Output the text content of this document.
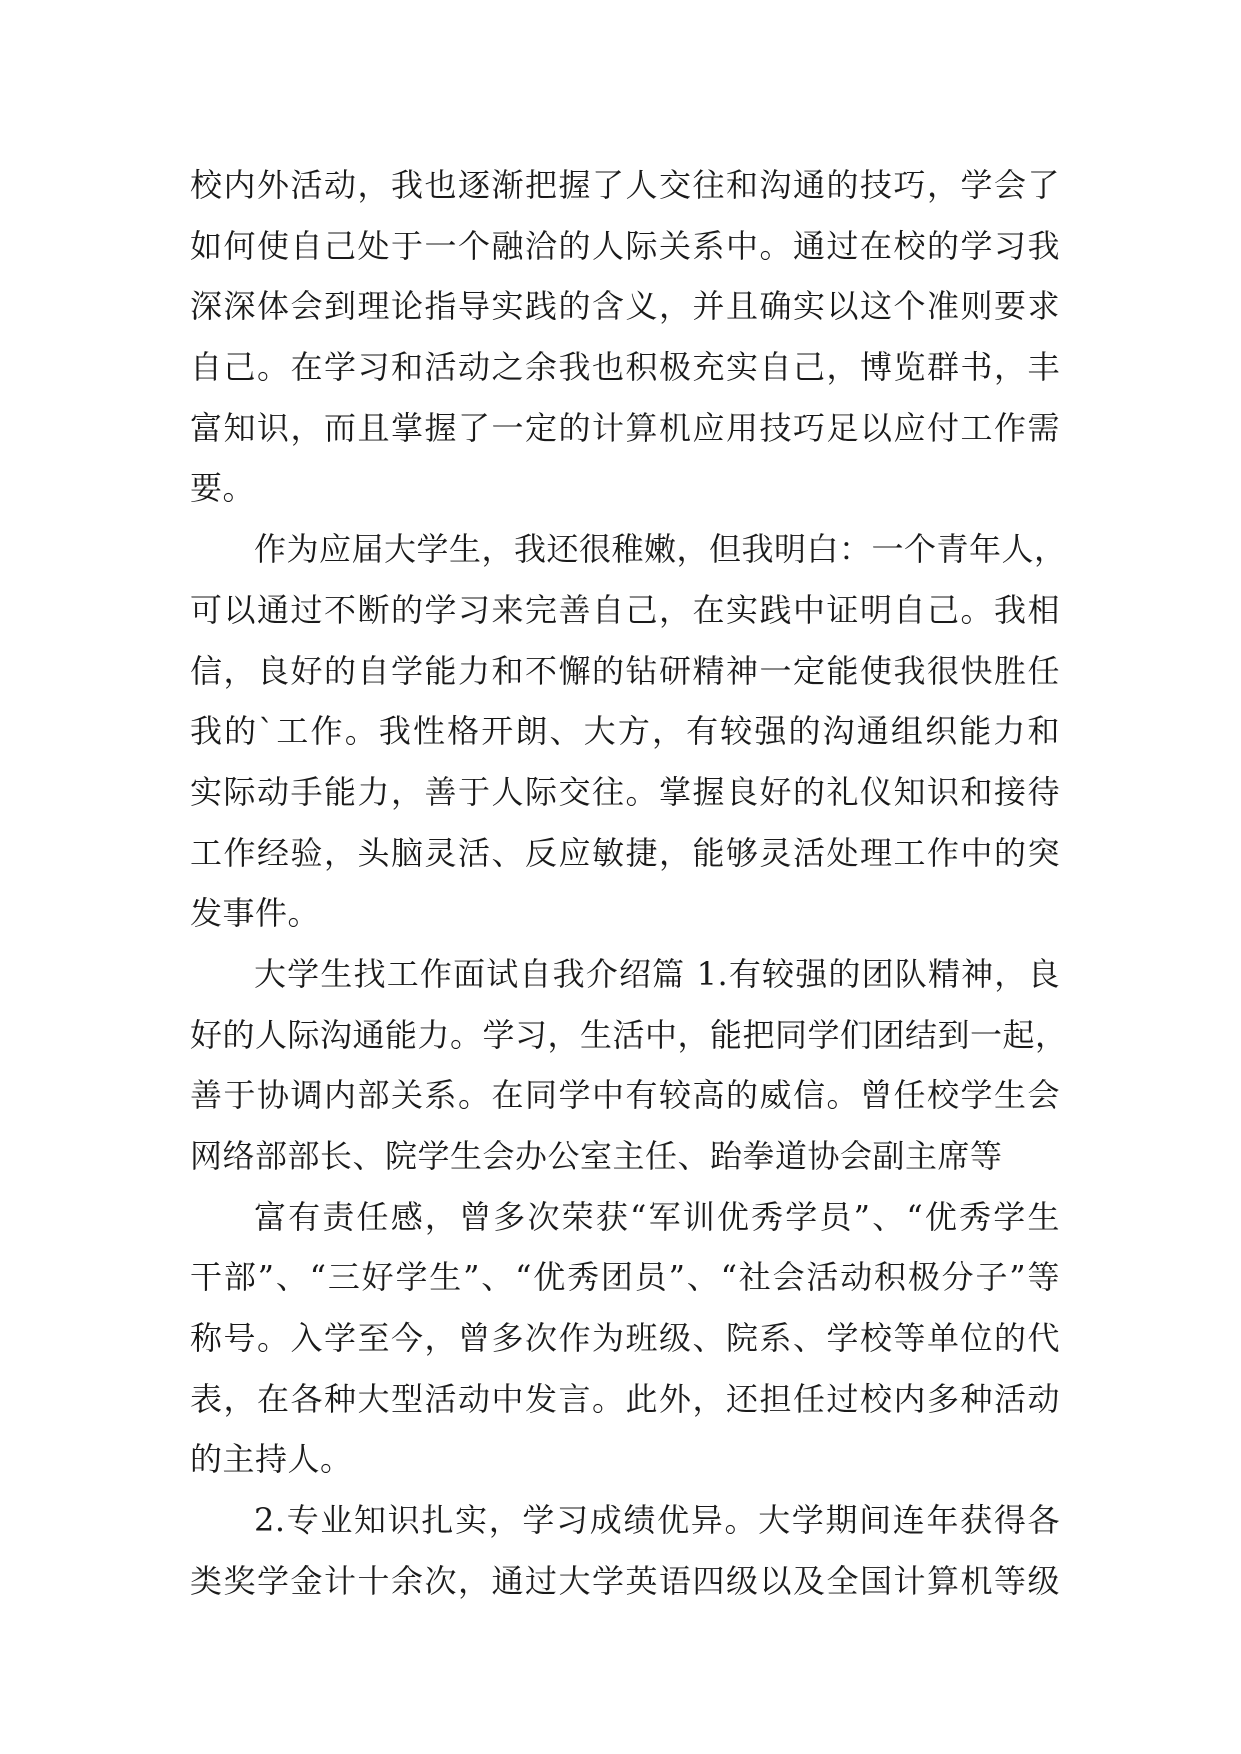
校内外活动，我也逐渐把握了人交往和沟通的技巧，学会了
如何使自己处于一个融洽的人际关系中。通过在校的学习我
深深体会到理论指导实践的含义，并且确实以这个准则要求
自己。在学习和活动之余我也积极充实自己，博览群书，丰
富知识，而且掌握了一定的计算机应用技巧足以应付工作需
要。
作为应届大学生，我还很稚嫩，但我明白：一个青年人，
可以通过不断的学习来完善自己，在实践中证明自己。我相
信，良好的自学能力和不懈的钻研精神一定能使我很快胜任
我的`工作。我性格开朗、大方，有较强的沟通组织能力和
实际动手能力，善于人际交往。掌握良好的礼仪知识和接待
工作经验，头脑灵活、反应敏捷，能够灵活处理工作中的突
发事件。
大学生找工作面试自我介绍篇 1.有较强的团队精神，良
好的人际沟通能力。学习，生活中，能把同学们团结到一起，
善于协调内部关系。在同学中有较高的威信。曾任校学生会
网络部部长、院学生会办公室主任、跆拳道协会副主席等
富有责任感，曾多次荣获“军训优秀学员”、“优秀学生
干部”、“三好学生”、“优秀团员”、“社会活动积极分子”等
称号。入学至今，曾多次作为班级、院系、学校等单位的代
表，在各种大型活动中发言。此外，还担任过校内多种活动
的主持人。
2.专业知识扎实，学习成绩优异。大学期间连年获得各
类奖学金计十余次，通过大学英语四级以及全国计算机等级
